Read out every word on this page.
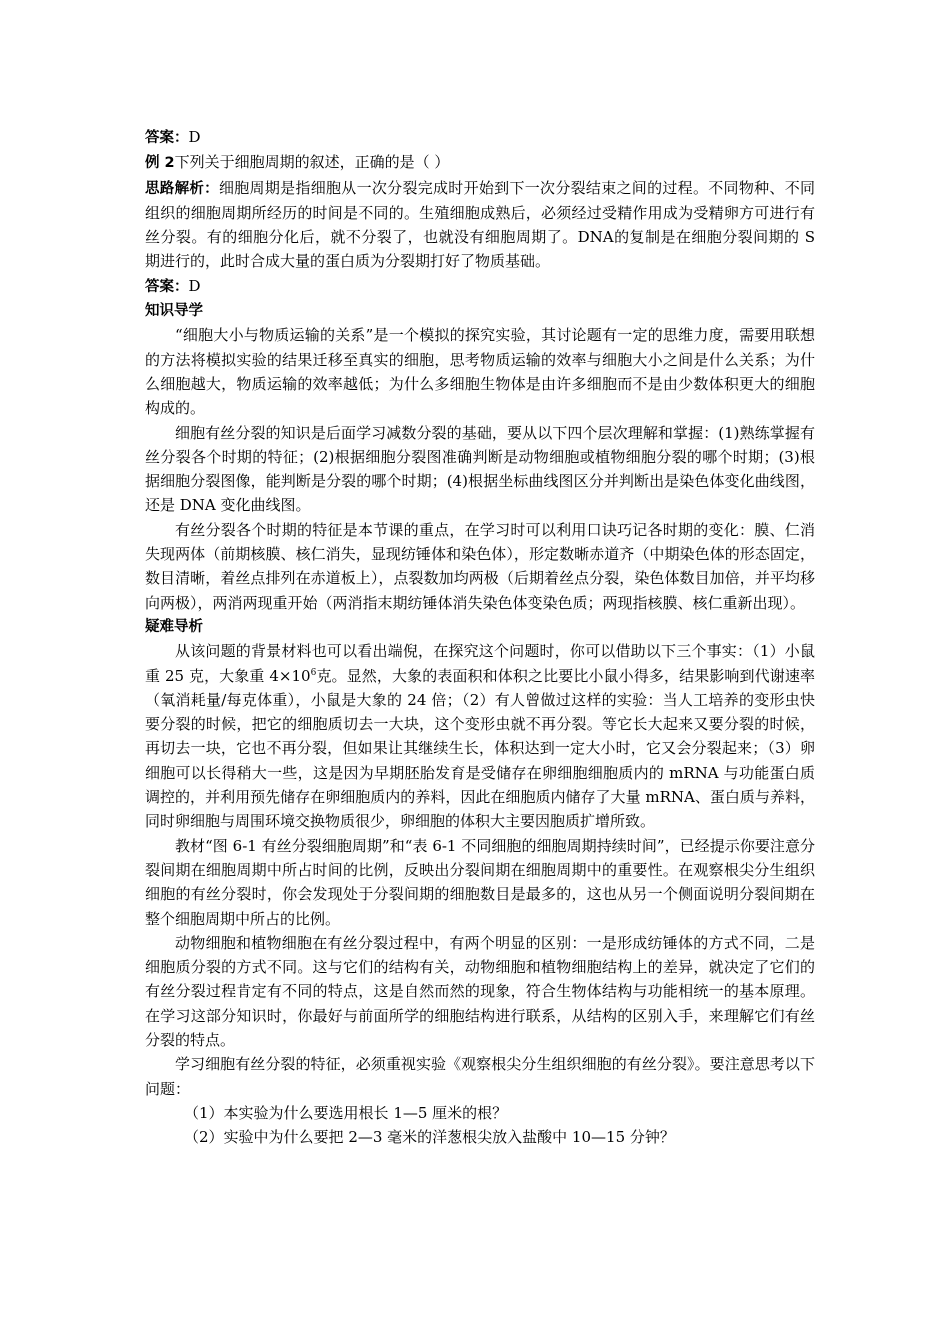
答案：D

例 2下列关于细胞周期的叙述，正确的是（ ）

思路解析：细胞周期是指细胞从一次分裂完成时开始到下一次分裂结束之间的过程。不同物种、不同组织的细胞周期所经历的时间是不同的。生殖细胞成熟后，必须经过受精作用成为受精卵方可进行有丝分裂。有的细胞分化后，就不分裂了，也就没有细胞周期了。DNA的复制是在细胞分裂间期的 S 期进行的，此时合成大量的蛋白质为分裂期打好了物质基础。

答案：D

知识导学

“细胞大小与物质运输的关系”是一个模拟的探究实验，其讨论题有一定的思维力度，需要用联想的方法将模拟实验的结果迁移至真实的细胞，思考物质运输的效率与细胞大小之间是什么关系；为什么细胞越大，物质运输的效率越低；为什么多细胞生物体是由许多细胞而不是由少数体积更大的细胞构成的。

细胞有丝分裂的知识是后面学习减数分裂的基础，要从以下四个层次理解和掌握：(1)熟练掌握有丝分裂各个时期的特征；(2)根据细胞分裂图准确判断是动物细胞或植物细胞分裂的哪个时期；(3)根据细胞分裂图像，能判断是分裂的哪个时期；(4)根据坐标曲线图区分并判断出是染色体变化曲线图，还是 DNA 变化曲线图。

有丝分裂各个时期的特征是本节课的重点，在学习时可以利用口诀巧记各时期的变化：膜、仁消失现两体（前期核膜、核仁消失，显现纺锤体和染色体），形定数晰赤道齐（中期染色体的形态固定，数目清晰，着丝点排列在赤道板上），点裂数加均两极（后期着丝点分裂，染色体数目加倍，并平均移向两极），两消两现重开始（两消指末期纺锤体消失染色体变染色质；两现指核膜、核仁重新出现）。

疑难导析

从该问题的背景材料也可以看出端倪，在探究这个问题时，你可以借助以下三个事实：（1）小鼠重 25 克，大象重 $4\times 10^6$克。显然，大象的表面积和体积之比要比小鼠小得多，结果影响到代谢速率（氧消耗量/每克体重），小鼠是大象的 24 倍；（2）有人曾做过这样的实验：当人工培养的变形虫快要分裂的时候，把它的细胞质切去一大块，这个变形虫就不再分裂。等它长大起来又要分裂的时候，再切去一块，它也不再分裂，但如果让其继续生长，体积达到一定大小时，它又会分裂起来；（3）卵细胞可以长得稍大一些，这是因为早期胚胎发育是受储存在卵细胞细胞质内的 mRNA 与功能蛋白质调控的，并利用预先储存在卵细胞质内的养料，因此在细胞质内储存了大量 mRNA、蛋白质与养料，同时卵细胞与周围环境交换物质很少，卵细胞的体积大主要因胞质扩增所致。

教材“图 6-1 有丝分裂细胞周期”和“表 6-1 不同细胞的细胞周期持续时间”，已经提示你要注意分裂间期在细胞周期中所占时间的比例，反映出分裂间期在细胞周期中的重要性。在观察根尖分生组织细胞的有丝分裂时，你会发现处于分裂间期的细胞数目是最多的，这也从另一个侧面说明分裂间期在整个细胞周期中所占的比例。

动物细胞和植物细胞在有丝分裂过程中，有两个明显的区别：一是形成纺锤体的方式不同，二是细胞质分裂的方式不同。这与它们的结构有关，动物细胞和植物细胞结构上的差异，就决定了它们的有丝分裂过程肯定有不同的特点，这是自然而然的现象，符合生物体结构与功能相统一的基本原理。在学习这部分知识时，你最好与前面所学的细胞结构进行联系，从结构的区别入手，来理解它们有丝分裂的特点。

学习细胞有丝分裂的特征，必须重视实验《观察根尖分生组织细胞的有丝分裂》。要注意思考以下问题：

（1）本实验为什么要选用根长 1—5 厘米的根？

（2）实验中为什么要把 2—3 毫米的洋葱根尖放入盐酸中 10—15 分钟？
